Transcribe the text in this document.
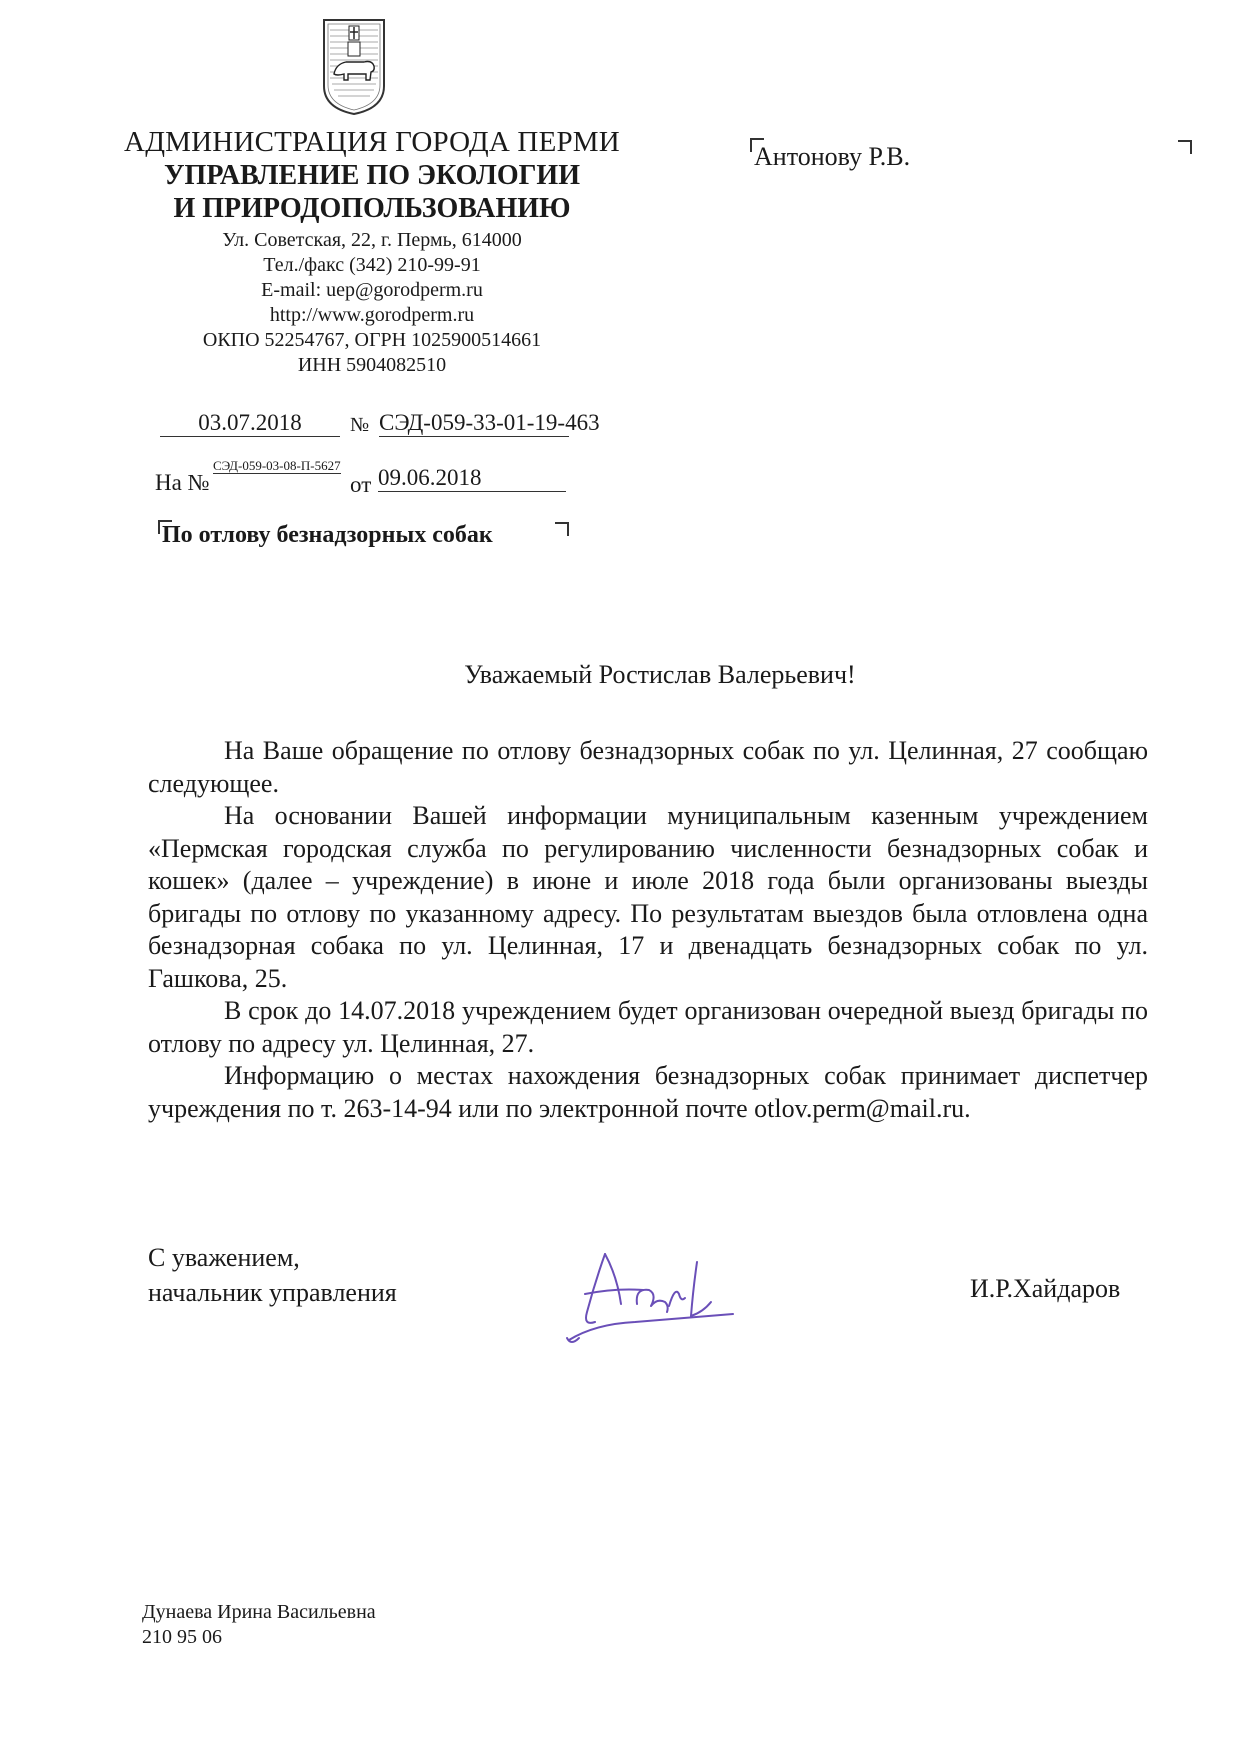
АДМИНИСТРАЦИЯ ГОРОДА ПЕРМИ
УПРАВЛЕНИЕ ПО ЭКОЛОГИИ
И ПРИРОДОПОЛЬЗОВАНИЮ
Ул. Советская, 22, г. Пермь, 614000
Тел./факс (342) 210-99-91
E-mail: uep@gorodperm.ru
http://www.gorodperm.ru
ОКПО 52254767, ОГРН 1025900514661
ИНН 5904082510
Антонову Р.В.
03.07.2018	№ СЭД-059-33-01-19-463
На №
СЭД-059-03-08-П-5627
от 09.06.2018
По отлову безнадзорных собак
Уважаемый Ростислав Валерьевич!

На Ваше обращение по отлову безнадзорных собак по ул. Целинная, 27 сообщаю следующее.

На основании Вашей информации муниципальным казенным учреждением «Пермская городская служба по регулированию численности безнадзорных собак и кошек» (далее – учреждение) в июне и июле 2018 года были организованы выезды бригады по отлову по указанному адресу. По результатам выездов была отловлена одна безнадзорная собака по ул. Целинная, 17 и двенадцать безнадзорных собак по ул. Гашкова, 25.

В срок до 14.07.2018 учреждением будет организован очередной выезд бригады по отлову по адресу ул. Целинная, 27.

Информацию о местах нахождения безнадзорных собак принимает диспетчер учреждения по т. 263-14-94 или по электронной почте otlov.perm@mail.ru.

С уважением,
начальник управления	И.Р.Хайдаров
Дунаева Ирина Васильевна
210 95 06
